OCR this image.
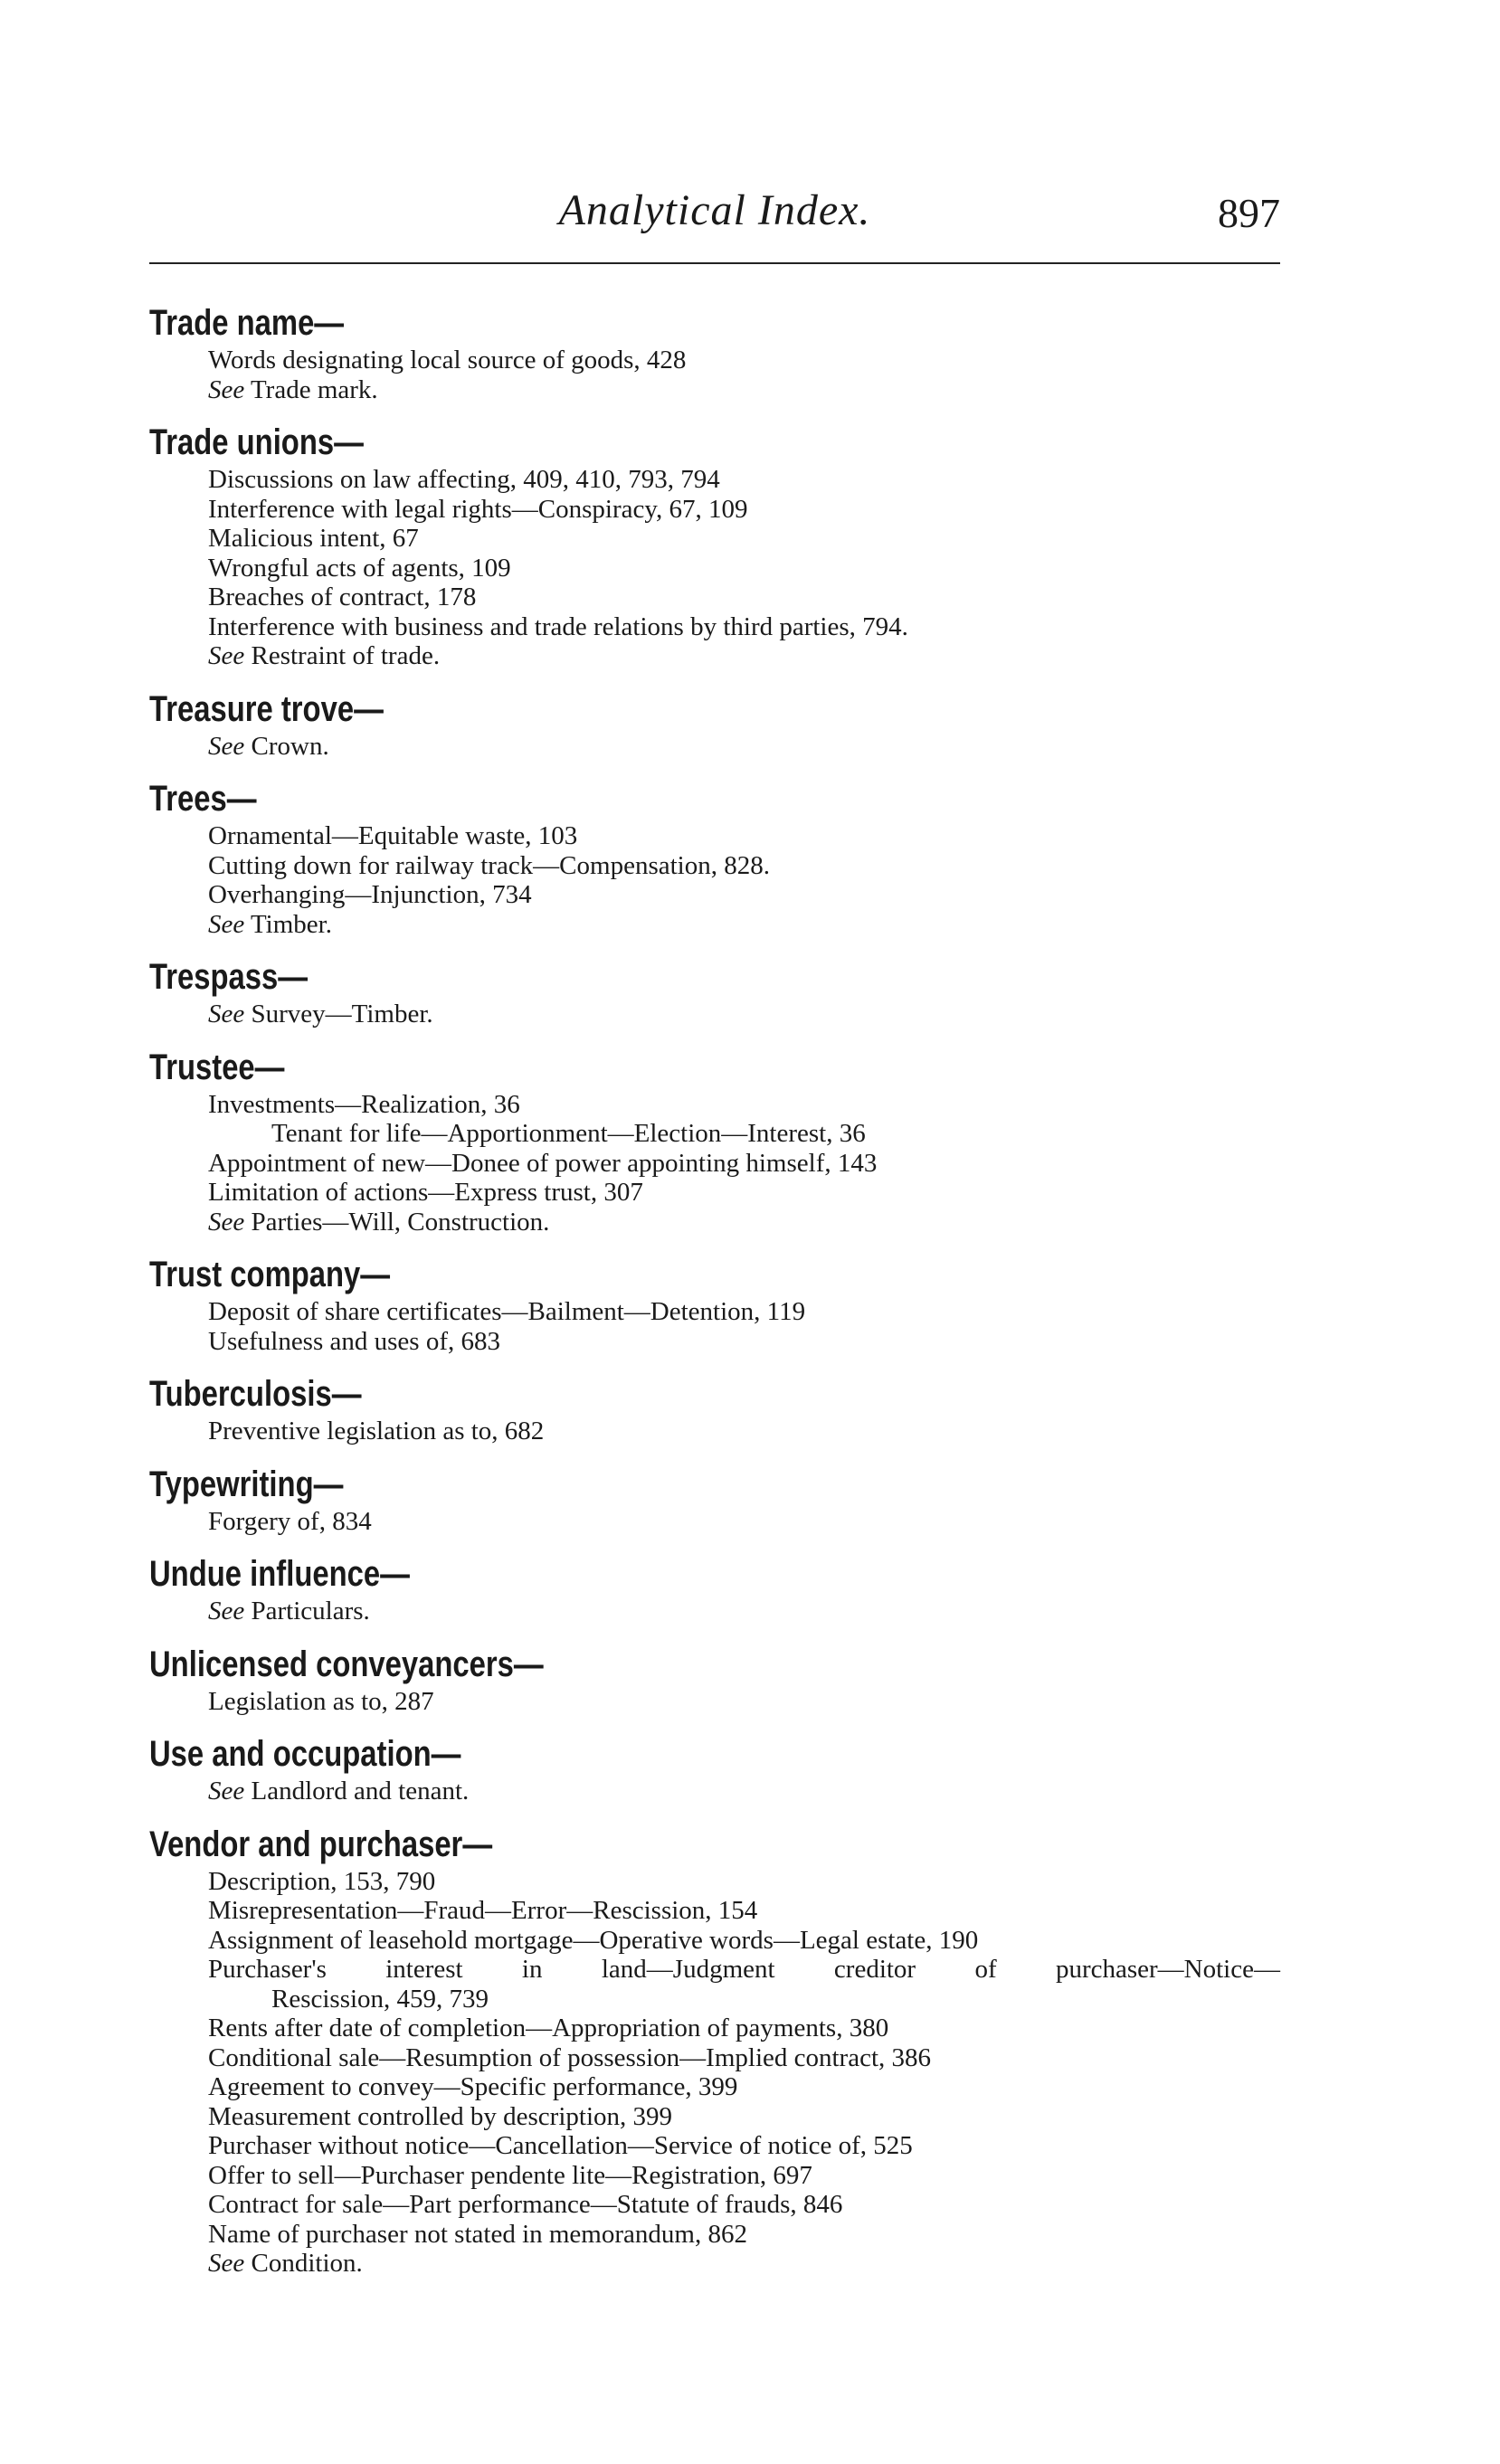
Analytical Index.	897
Trade name—
Words designating local source of goods, 428
See Trade mark.
Trade unions—
Discussions on law affecting, 409, 410, 793, 794
Interference with legal rights—Conspiracy, 67, 109
Malicious intent, 67
Wrongful acts of agents, 109
Breaches of contract, 178
Interference with business and trade relations by third parties, 794.
See Restraint of trade.
Treasure trove—
See Crown.
Trees—
Ornamental—Equitable waste, 103
Cutting down for railway track—Compensation, 828.
Overhanging—Injunction, 734
See Timber.
Trespass—
See Survey—Timber.
Trustee—
Investments—Realization, 36
Tenant for life—Apportionment—Election—Interest, 36
Appointment of new—Donee of power appointing himself, 143
Limitation of actions—Express trust, 307
See Parties—Will, Construction.
Trust company—
Deposit of share certificates—Bailment—Detention, 119
Usefulness and uses of, 683
Tuberculosis—
Preventive legislation as to, 682
Typewriting—
Forgery of, 834
Undue influence—
See Particulars.
Unlicensed conveyancers—
Legislation as to, 287
Use and occupation—
See Landlord and tenant.
Vendor and purchaser—
Description, 153, 790
Misrepresentation—Fraud—Error—Rescission, 154
Assignment of leasehold mortgage—Operative words—Legal estate, 190
Purchaser's interest in land—Judgment creditor of purchaser—Notice—
Rescission, 459, 739
Rents after date of completion—Appropriation of payments, 380
Conditional sale—Resumption of possession—Implied contract, 386
Agreement to convey—Specific performance, 399
Measurement controlled by description, 399
Purchaser without notice—Cancellation—Service of notice of, 525
Offer to sell—Purchaser pendente lite—Registration, 697
Contract for sale—Part performance—Statute of frauds, 846
Name of purchaser not stated in memorandum, 862
See Condition.
